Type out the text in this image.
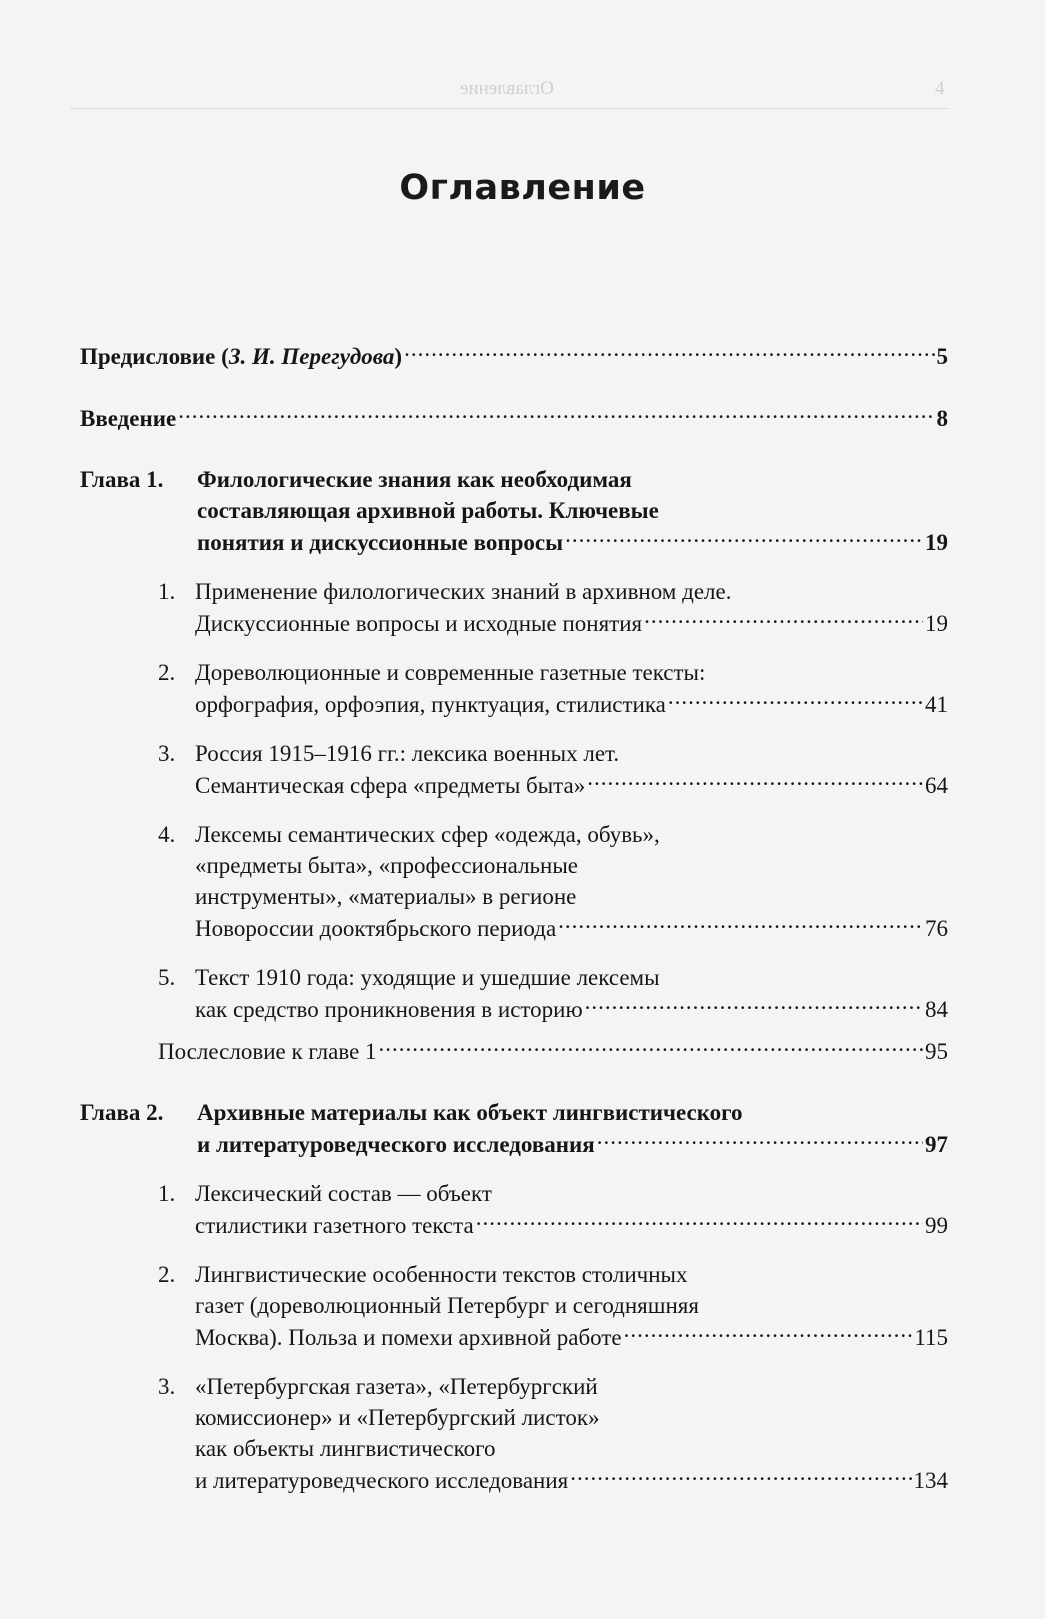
Оглавление	4
Оглавление
Предисловие (З. И. Перегудова) .....	5
Введение .....	8
Глава 1.	Филологические знания как необходимая
составляющая архивной работы. Ключевые
понятия и дискуссионные вопросы .....	19
1. Применение филологических знаний в архивном деле.
Дискуссионные вопросы и исходные понятия .....	19
2. Дореволюционные и современные газетные тексты:
орфография, орфоэпия, пунктуация, стилистика .....	41
3. Россия 1915–1916 гг.: лексика военных лет.
Семантическая сфера «предметы быта» .....	64
4. Лексемы семантических сфер «одежда, обувь»,
«предметы быта», «профессиональные
инструменты», «материалы» в регионе
Новороссии доoктябрьского периода .....	76
5. Текст 1910 года: уходящие и ушедшие лексемы
как средство проникновения в историю .....	84
Послесловие к главе 1 .....	95
Глава 2.	Архивные материалы как объект лингвистического
и литературоведческого исследования .....	97
1. Лексический состав — объект
стилистики газетного текста .....	99
2. Лингвистические особенности текстов столичных
газет (дореволюционный Петербург и сегодняшняя
Москва). Польза и помехи архивной работе .....	115
3. «Петербургская газета», «Петербургский
комиссионер» и «Петербургский листок»
как объекты лингвистического
и литературоведческого исследования .....	134
